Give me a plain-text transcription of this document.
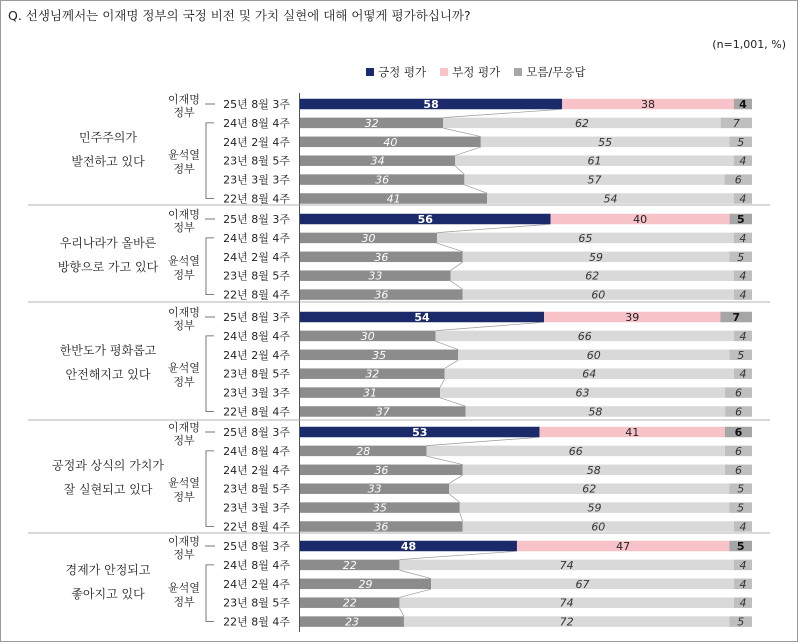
Q. 선생님께서는 이재명 정부의 국정 비전 및 가치 실현에 대해 어떻게 평가하십니까?
(n=1,001, %)
긍정 평가 부정 평가 모름/무응답
민주주의가
발전하고 있다
이재명
정부
윤석열
정부
25년 8월 3주	58	38	4
24년 8월 4주	32	62	7
24년 2월 4주	40	55	5
23년 8월 5주	34	61	4
23년 3월 3주	36	57	6
22년 8월 4주	41	54	4
우리나라가 올바른
방향으로 가고 있다
이재명
정부
윤석열
정부
25년 8월 3주	56	40	5
24년 8월 4주	30	65	4
24년 2월 4주	36	59	5
23년 8월 5주	33	62	4
22년 8월 4주	36	60	4
한반도가 평화롭고
안전해지고 있다
이재명
정부
윤석열
정부
25년 8월 3주	54	39	7
24년 8월 4주	30	66	4
24년 2월 4주	35	60	5
23년 8월 5주	32	64	4
23년 3월 3주	31	63	6
22년 8월 4주	37	58	6
공정과 상식의 가치가
잘 실현되고 있다
이재명
정부
윤석열
정부
25년 8월 3주	53	41	6
24년 8월 4주	28	66	6
24년 2월 4주	36	58	6
23년 8월 5주	33	62	5
23년 3월 3주	35	59	5
22년 8월 4주	36	60	4
경제가 안정되고
좋아지고 있다
이재명
정부
윤석열
정부
25년 8월 3주	48	47	5
24년 8월 4주	22	74	4
24년 2월 4주	29	67	4
23년 8월 5주	22	74	4
22년 8월 4주	23	72	5
